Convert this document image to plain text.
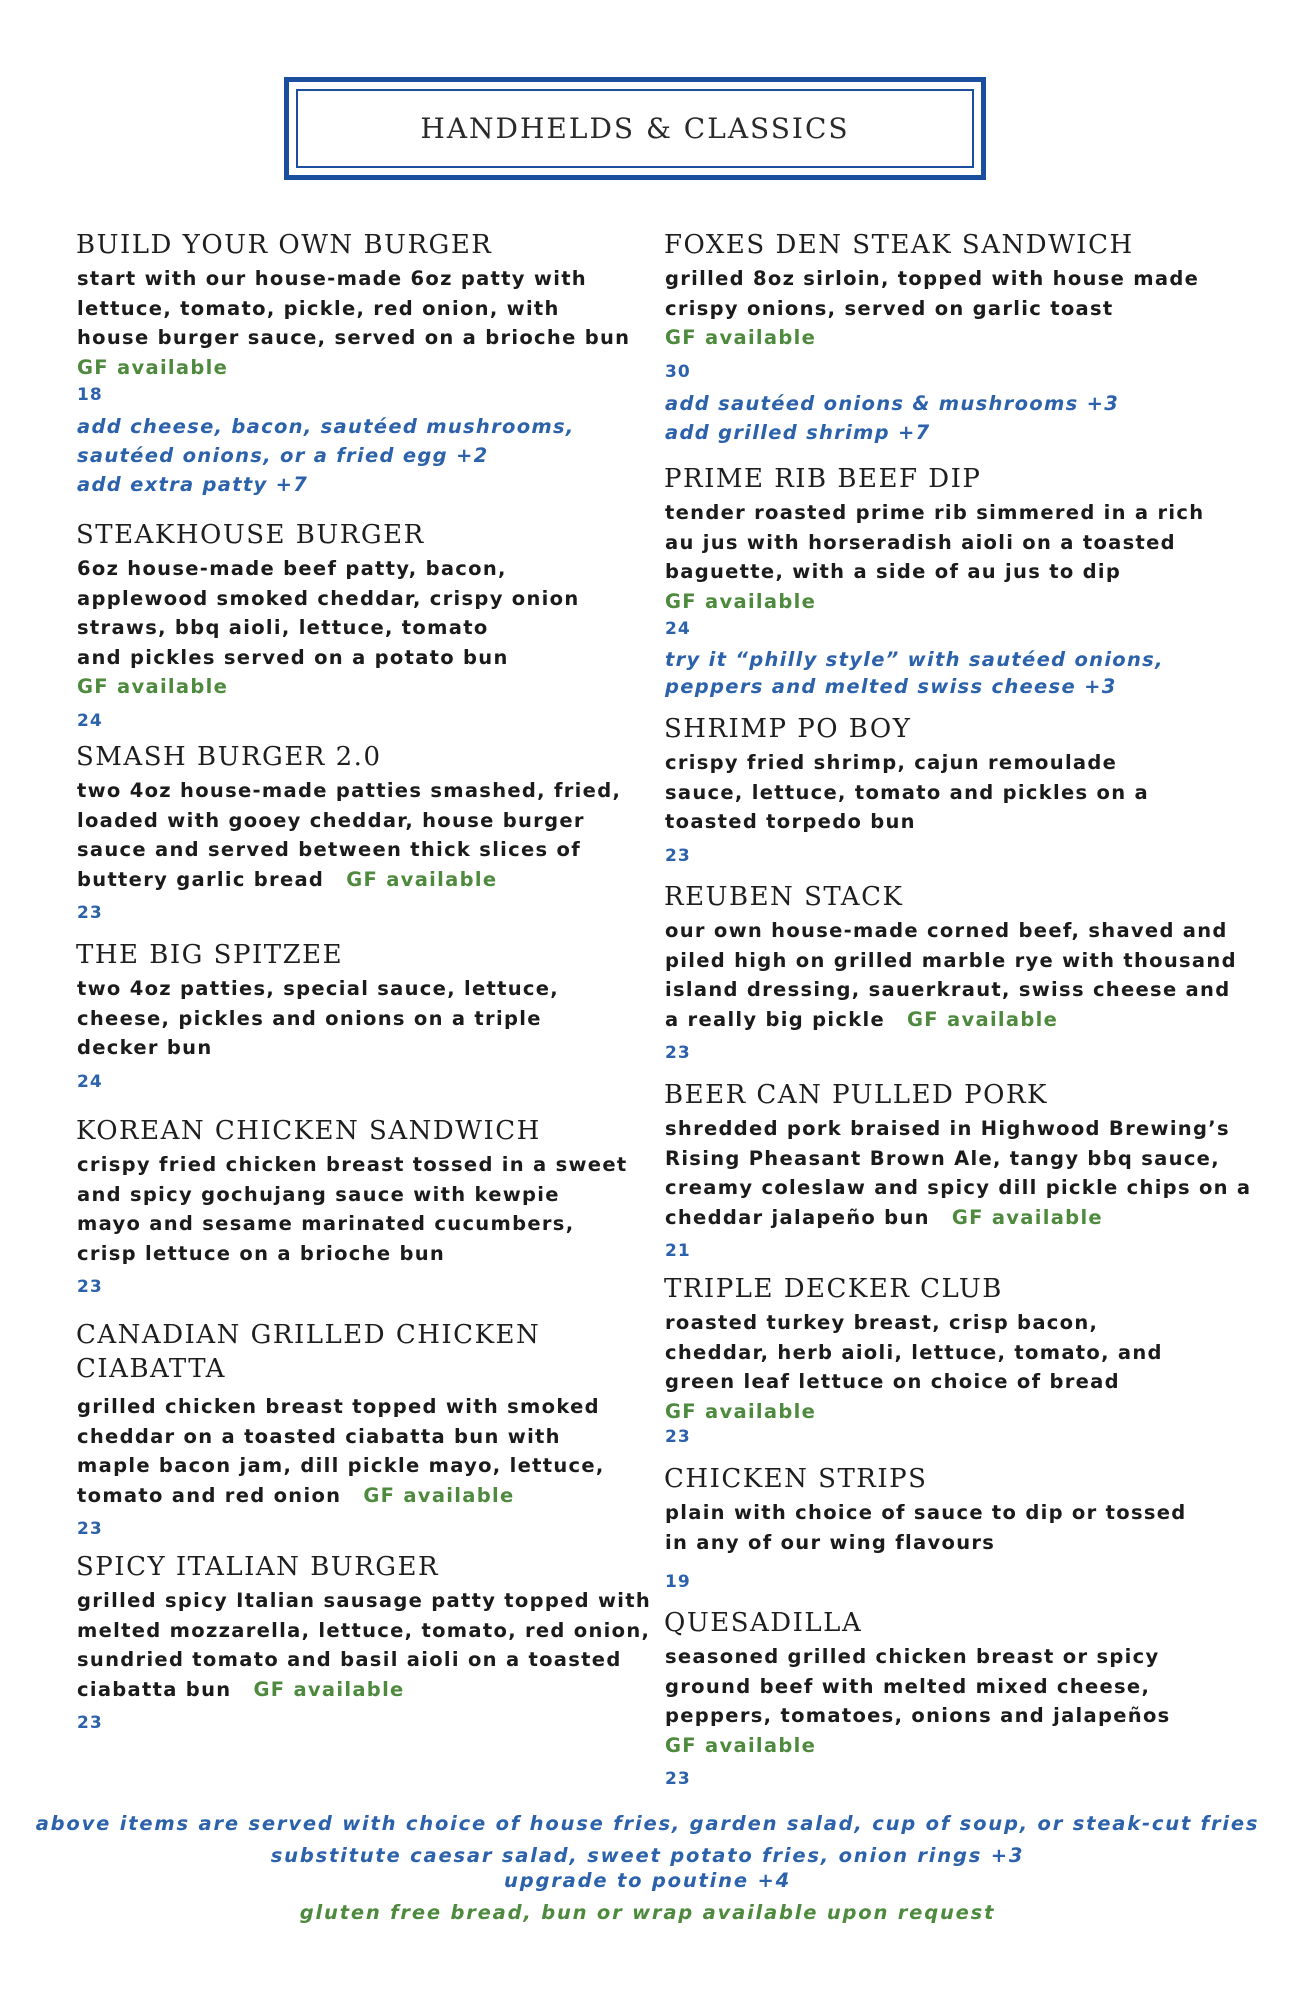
HANDHELDS & CLASSICS
BUILD YOUR OWN BURGER
start with our house-made 6oz patty with
lettuce, tomato, pickle, red onion, with
house burger sauce, served on a brioche bun
GF available
18
add cheese, bacon, sautéed mushrooms,
sautéed onions, or a fried egg +2
add extra patty +7
STEAKHOUSE BURGER
6oz house-made beef patty, bacon,
applewood smoked cheddar, crispy onion
straws, bbq aioli, lettuce, tomato
and pickles served on a potato bun
GF available
24
SMASH BURGER 2.0
two 4oz house-made patties smashed, fried,
loaded with gooey cheddar, house burger
sauce and served between thick slices of
buttery garlic bread GF available
23
THE BIG SPITZEE
two 4oz patties, special sauce, lettuce,
cheese, pickles and onions on a triple
decker bun
24
KOREAN CHICKEN SANDWICH
crispy fried chicken breast tossed in a sweet
and spicy gochujang sauce with kewpie
mayo and sesame marinated cucumbers,
crisp lettuce on a brioche bun
23
CANADIAN GRILLED CHICKEN
CIABATTA
grilled chicken breast topped with smoked
cheddar on a toasted ciabatta bun with
maple bacon jam, dill pickle mayo, lettuce,
tomato and red onion GF available
23
SPICY ITALIAN BURGER
grilled spicy Italian sausage patty topped with
melted mozzarella, lettuce, tomato, red onion,
sundried tomato and basil aioli on a toasted
ciabatta bun GF available
23
FOXES DEN STEAK SANDWICH
grilled 8oz sirloin, topped with house made
crispy onions, served on garlic toast
GF available
30
add sautéed onions & mushrooms +3
add grilled shrimp +7
PRIME RIB BEEF DIP
tender roasted prime rib simmered in a rich
au jus with horseradish aioli on a toasted
baguette, with a side of au jus to dip
GF available
24
try it “philly style” with sautéed onions,
peppers and melted swiss cheese +3
SHRIMP PO BOY
crispy fried shrimp, cajun remoulade
sauce, lettuce, tomato and pickles on a
toasted torpedo bun
23
REUBEN STACK
our own house-made corned beef, shaved and
piled high on grilled marble rye with thousand
island dressing, sauerkraut, swiss cheese and
a really big pickle GF available
23
BEER CAN PULLED PORK
shredded pork braised in Highwood Brewing’s
Rising Pheasant Brown Ale, tangy bbq sauce,
creamy coleslaw and spicy dill pickle chips on a
cheddar jalapeño bun GF available
21
TRIPLE DECKER CLUB
roasted turkey breast, crisp bacon,
cheddar, herb aioli, lettuce, tomato, and
green leaf lettuce on choice of bread
GF available
23
CHICKEN STRIPS
plain with choice of sauce to dip or tossed
in any of our wing flavours
19
QUESADILLA
seasoned grilled chicken breast or spicy
ground beef with melted mixed cheese,
peppers, tomatoes, onions and jalapeños
GF available
23
above items are served with choice of house fries, garden salad, cup of soup, or steak-cut fries
substitute caesar salad, sweet potato fries, onion rings +3
upgrade to poutine +4
gluten free bread, bun or wrap available upon request
